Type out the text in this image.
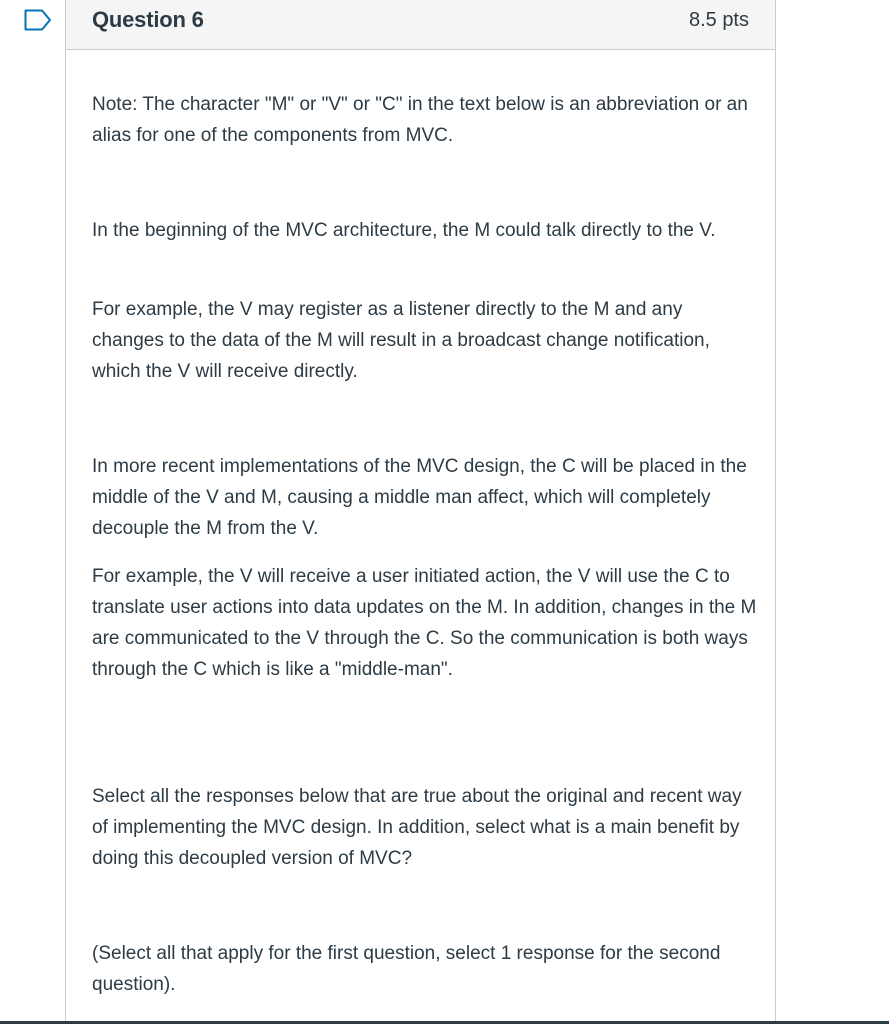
Question 6	8.5 pts

Note: The character "M" or "V" or "C" in the text below is an abbreviation or an alias for one of the components from MVC.

In the beginning of the MVC architecture, the M could talk directly to the V.

For example, the V may register as a listener directly to the M and any changes to the data of the M will result in a broadcast change notification, which the V will receive directly.

In more recent implementations of the MVC design, the C will be placed in the middle of the V and M, causing a middle man affect, which will completely decouple the M from the V.

For example, the V will receive a user initiated action, the V will use the C to translate user actions into data updates on the M. In addition, changes in the M are communicated to the V through the C. So the communication is both ways through the C which is like a "middle-man".

Select all the responses below that are true about the original and recent way of implementing the MVC design. In addition, select what is a main benefit by doing this decoupled version of MVC?

(Select all that apply for the first question, select 1 response for the second question).
